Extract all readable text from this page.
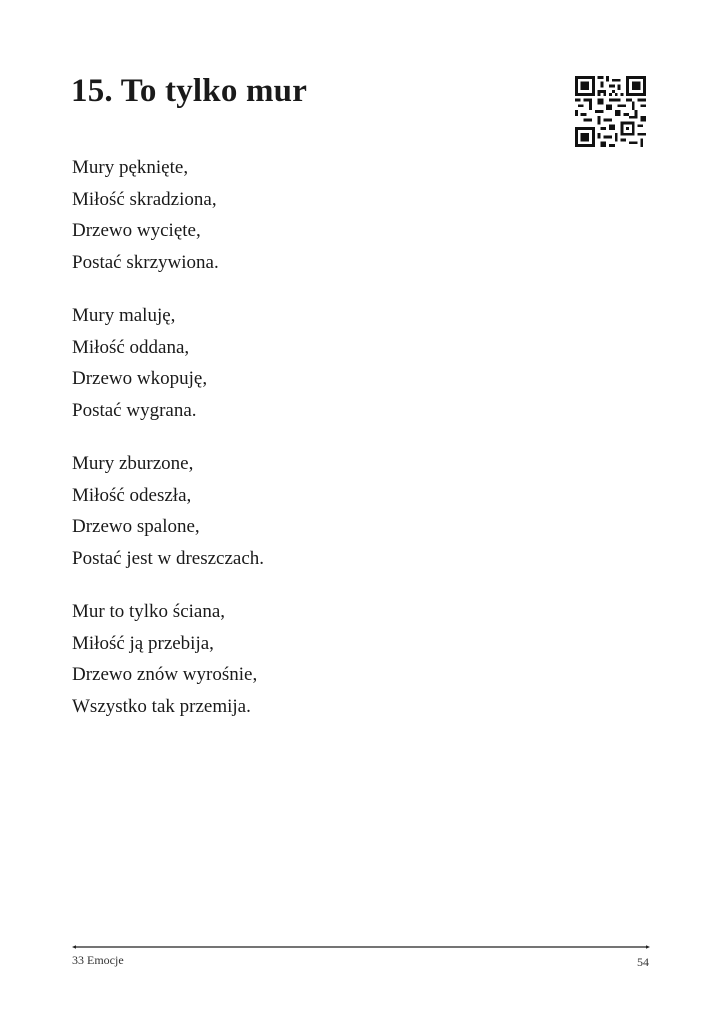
15. To tylko mur
Mury pęknięte,
Miłość skradziona,
Drzewo wycięte,
Postać skrzywiona.
Mury maluję,
Miłość oddana,
Drzewo wkopuję,
Postać wygrana.
Mury zburzone,
Miłość odeszła,
Drzewo spalone,
Postać jest w dreszczach.
Mur to tylko ściana,
Miłość ją przebija,
Drzewo znów wyrośnie,
Wszystko tak przemija.
33 Emocje	54
